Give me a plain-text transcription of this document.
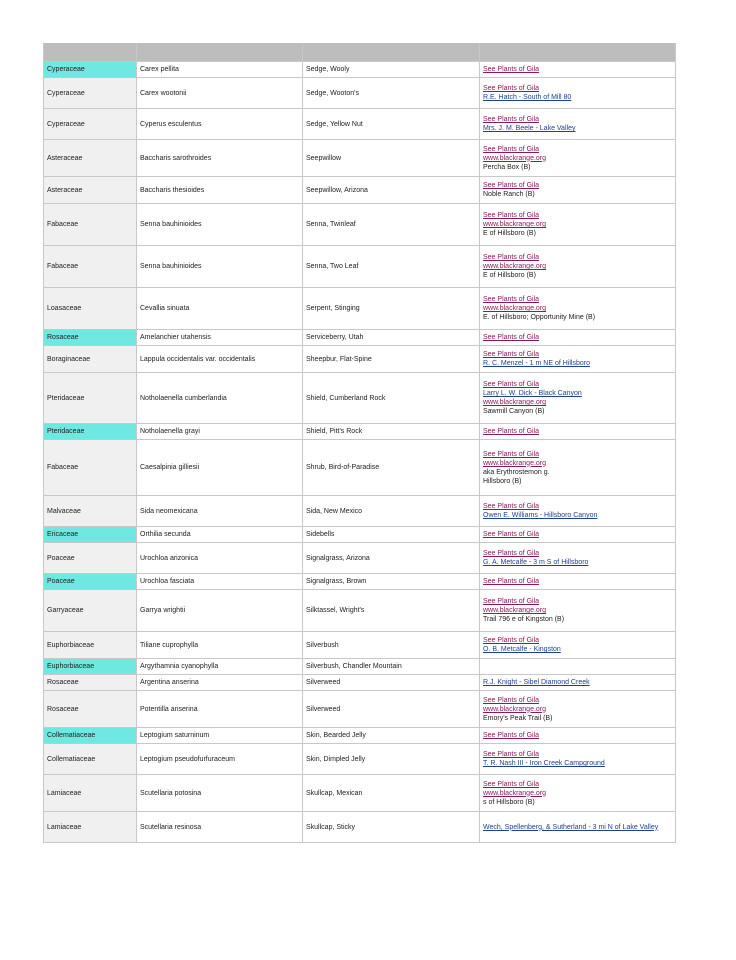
Cyperaceae	Carex pellita	Sedge, Wooly	See Plants of Gila

Cyperaceae	Carex wootonii	Sedge, Wooton's	See Plants of Gila
R.E. Hatch - South of Mill 80

Cyperaceae	Cyperus esculentus	Sedge, Yellow Nut	See Plants of Gila
Mrs. J. M. Beele - Lake Valley

Asteraceae	Baccharis sarothroides	Seepwillow	See Plants of Gila
www.blackrange.org
Percha Box (B)

Asteraceae	Baccharis thesioides	Seepwillow, Arizona	See Plants of Gila
Noble Ranch (B)

Fabaceae	Senna bauhinioides	Senna, Twinleaf	See Plants of Gila
www.blackrange.org
E of Hillsboro (B)

Fabaceae	Senna bauhinioides	Senna, Two Leaf	See Plants of Gila
www.blackrange.org
E of Hillsboro (B)

Loasaceae	Cevallia sinuata	Serpent, Stinging	See Plants of Gila
www.blackrange.org
E. of Hillsboro; Opportunity Mine (B)

Rosaceae	Amelanchier utahensis	Serviceberry, Utah	See Plants of Gila

Boraginaceae	Lappula occidentalis var. occidentalis	Sheepbur, Flat-Spine	See Plants of Gila
R. C. Menzel - 1 m NE of Hillsboro

Pteridaceae	Notholaenella cumberlandia	Shield, Cumberland Rock	See Plants of Gila
Larry L. W. Dick - Black Canyon
www.blackrange.org
Sawmill Canyon (B)

Pteridaceae	Notholaenella grayi	Shield, Pitt's Rock	See Plants of Gila

Fabaceae	Caesalpinia gilliesii	Shrub, Bird-of-Paradise	See Plants of Gila
www.blackrange.org
aka Erythrostemon g.
Hillsboro (B)

Malvaceae	Sida neomexicana	Sida, New Mexico	See Plants of Gila
Owen E. Williams - Hillsboro Canyon

Ericaceae	Orthilia secunda	Sidebells	See Plants of Gila

Poaceae	Urochloa arizonica	Signalgrass, Arizona	See Plants of Gila
G. A. Metcalfe - 3 m S of Hillsboro

Poaceae	Urochloa fasciata	Signalgrass, Brown	See Plants of Gila

Garryaceae	Garrya wrightii	Silktassel, Wright's	See Plants of Gila
www.blackrange.org
Trail 796 e of Kingston (B)

Euphorbiaceae	Tiliane cuprophylla	Silverbush	See Plants of Gila
O. B. Metcalfe - Kingston

Euphorbiaceae	Argythamnia cyanophylla	Silverbush, Chandler Mountain	
Rosaceae	Argentina anserina	Silverweed	R.J. Knight - Sibel Diamond Creek

Rosaceae	Potentilla anserina	Silverweed	See Plants of Gila
www.blackrange.org
Emory's Peak Trail (B)

Collematiaceae	Leptogium saturninum	Skin, Bearded Jelly	See Plants of Gila

Collematiaceae	Leptogium pseudofurfuraceum	Skin, Dimpled Jelly	See Plants of Gila
T. R. Nash III - Iron Creek Campground

Lamiaceae	Scutellaria potosina	Skullcap, Mexican	See Plants of Gila
www.blackrange.org
s of Hillsboro (B)

Lamiaceae	Scutellaria resinosa	Skullcap, Sticky	Wech, Spellenberg, & Sutherland - 3 mi N of Lake Valley
